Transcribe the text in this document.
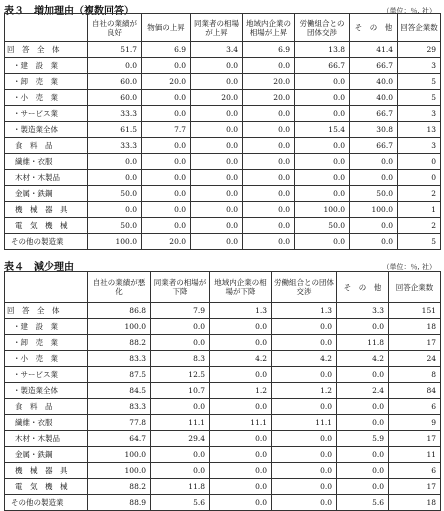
表３　増加理由（複数回答）	（単位：％, 社）
	自社の業績が良好	物価の上昇	同業者の相場が上昇	地域内企業の相場が上昇	労働組合との団体交渉	そ　の　他	回答企業数
回　答　全　体	51.7	6.9	3.4	6.9	13.8	41.4	29
・建　設　業	0.0	0.0	0.0	0.0	66.7	66.7	3
・卸　売　業	60.0	20.0	0.0	20.0	0.0	40.0	5
・小　売　業	60.0	0.0	20.0	20.0	0.0	40.0	5
・サービス業	33.3	0.0	0.0	0.0	0.0	66.7	3
・製造業全体	61.5	7.7	0.0	0.0	15.4	30.8	13
食　料　品	33.3	0.0	0.0	0.0	0.0	66.7	3
繊維・衣服	0.0	0.0	0.0	0.0	0.0	0.0	0
木材・木製品	0.0	0.0	0.0	0.0	0.0	0.0	0
金属・鉄鋼	50.0	0.0	0.0	0.0	0.0	50.0	2
機　械　器　具	0.0	0.0	0.0	0.0	100.0	100.0	1
電　気　機　械	50.0	0.0	0.0	0.0	50.0	0.0	2
その他の製造業	100.0	20.0	0.0	0.0	0.0	0.0	5
表４　減少理由	（単位：％, 社）
	自社の業績が悪化	同業者の相場が下降	地域内企業の相場が下降	労働組合との団体交渉	そ　の　他	回答企業数
回　答　全　体	86.8	7.9	1.3	1.3	3.3	151
・建　設　業	100.0	0.0	0.0	0.0	0.0	18
・卸　売　業	88.2	0.0	0.0	0.0	11.8	17
・小　売　業	83.3	8.3	4.2	4.2	4.2	24
・サービス業	87.5	12.5	0.0	0.0	0.0	8
・製造業全体	84.5	10.7	1.2	1.2	2.4	84
食　料　品	83.3	0.0	0.0	0.0	0.0	6
繊維・衣服	77.8	11.1	11.1	11.1	0.0	9
木材・木製品	64.7	29.4	0.0	0.0	5.9	17
金属・鉄鋼	100.0	0.0	0.0	0.0	0.0	11
機　械　器　具	100.0	0.0	0.0	0.0	0.0	6
電　気　機　械	88.2	11.8	0.0	0.0	0.0	17
その他の製造業	88.9	5.6	0.0	0.0	5.6	18
